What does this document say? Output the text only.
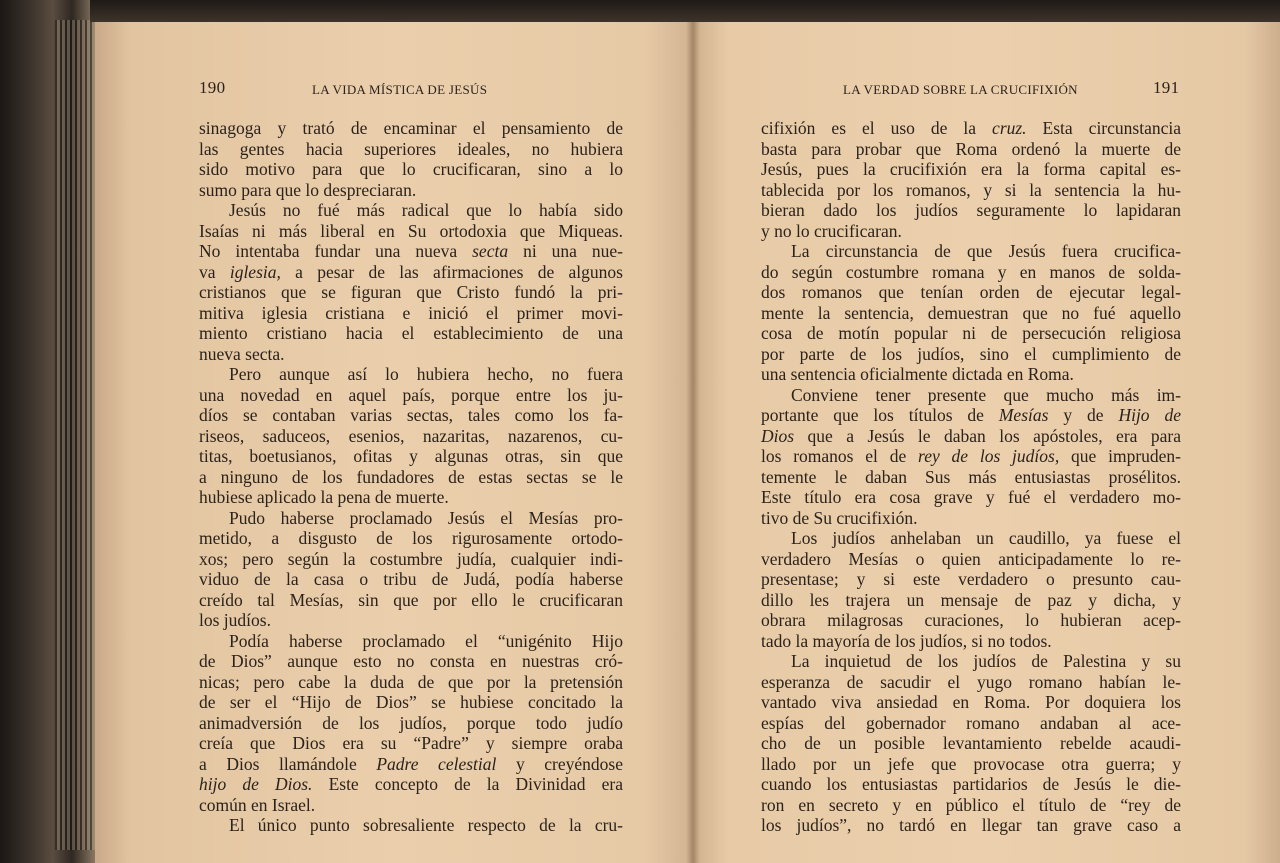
190	LA VIDA MÍSTICA DE JESÚS
sinagoga y trató de encaminar el pensamiento de
las gentes hacia superiores ideales, no hubiera
sido motivo para que lo crucificaran, sino a lo
sumo para que lo despreciaran.
Jesús no fué más radical que lo había sido
Isaías ni más liberal en Su ortodoxia que Miqueas.
No intentaba fundar una nueva secta ni una nue-
va iglesia, a pesar de las afirmaciones de algunos
cristianos que se figuran que Cristo fundó la pri-
mitiva iglesia cristiana e inició el primer movi-
miento cristiano hacia el establecimiento de una
nueva secta.
Pero aunque así lo hubiera hecho, no fuera
una novedad en aquel país, porque entre los ju-
díos se contaban varias sectas, tales como los fa-
riseos, saduceos, esenios, nazaritas, nazarenos, cu-
titas, boetusianos, ofitas y algunas otras, sin que
a ninguno de los fundadores de estas sectas se le
hubiese aplicado la pena de muerte.
Pudo haberse proclamado Jesús el Mesías pro-
metido, a disgusto de los rigurosamente ortodo-
xos; pero según la costumbre judía, cualquier indi-
viduo de la casa o tribu de Judá, podía haberse
creído tal Mesías, sin que por ello le crucificaran
los judíos.
Podía haberse proclamado el “unigénito Hijo
de Dios” aunque esto no consta en nuestras cró-
nicas; pero cabe la duda de que por la pretensión
de ser el “Hijo de Dios” se hubiese concitado la
animadversión de los judíos, porque todo judío
creía que Dios era su “Padre” y siempre oraba
a Dios llamándole Padre celestial y creyéndose
hijo de Dios. Este concepto de la Divinidad era
común en Israel.
El único punto sobresaliente respecto de la cru-
LA VERDAD SOBRE LA CRUCIFIXIÓN	191
cifixión es el uso de la cruz. Esta circunstancia
basta para probar que Roma ordenó la muerte de
Jesús, pues la crucifixión era la forma capital es-
tablecida por los romanos, y si la sentencia la hu-
bieran dado los judíos seguramente lo lapidaran
y no lo crucificaran.
La circunstancia de que Jesús fuera crucifica-
do según costumbre romana y en manos de solda-
dos romanos que tenían orden de ejecutar legal-
mente la sentencia, demuestran que no fué aquello
cosa de motín popular ni de persecución religiosa
por parte de los judíos, sino el cumplimiento de
una sentencia oficialmente dictada en Roma.
Conviene tener presente que mucho más im-
portante que los títulos de Mesías y de Hijo de
Dios que a Jesús le daban los apóstoles, era para
los romanos el de rey de los judíos, que impruden-
temente le daban Sus más entusiastas prosélitos.
Este título era cosa grave y fué el verdadero mo-
tivo de Su crucifixión.
Los judíos anhelaban un caudillo, ya fuese el
verdadero Mesías o quien anticipadamente lo re-
presentase; y si este verdadero o presunto cau-
dillo les trajera un mensaje de paz y dicha, y
obrara milagrosas curaciones, lo hubieran acep-
tado la mayoría de los judíos, si no todos.
La inquietud de los judíos de Palestina y su
esperanza de sacudir el yugo romano habían le-
vantado viva ansiedad en Roma. Por doquiera los
espías del gobernador romano andaban al ace-
cho de un posible levantamiento rebelde acaudi-
llado por un jefe que provocase otra guerra; y
cuando los entusiastas partidarios de Jesús le die-
ron en secreto y en público el título de “rey de
los judíos”, no tardó en llegar tan grave caso a
